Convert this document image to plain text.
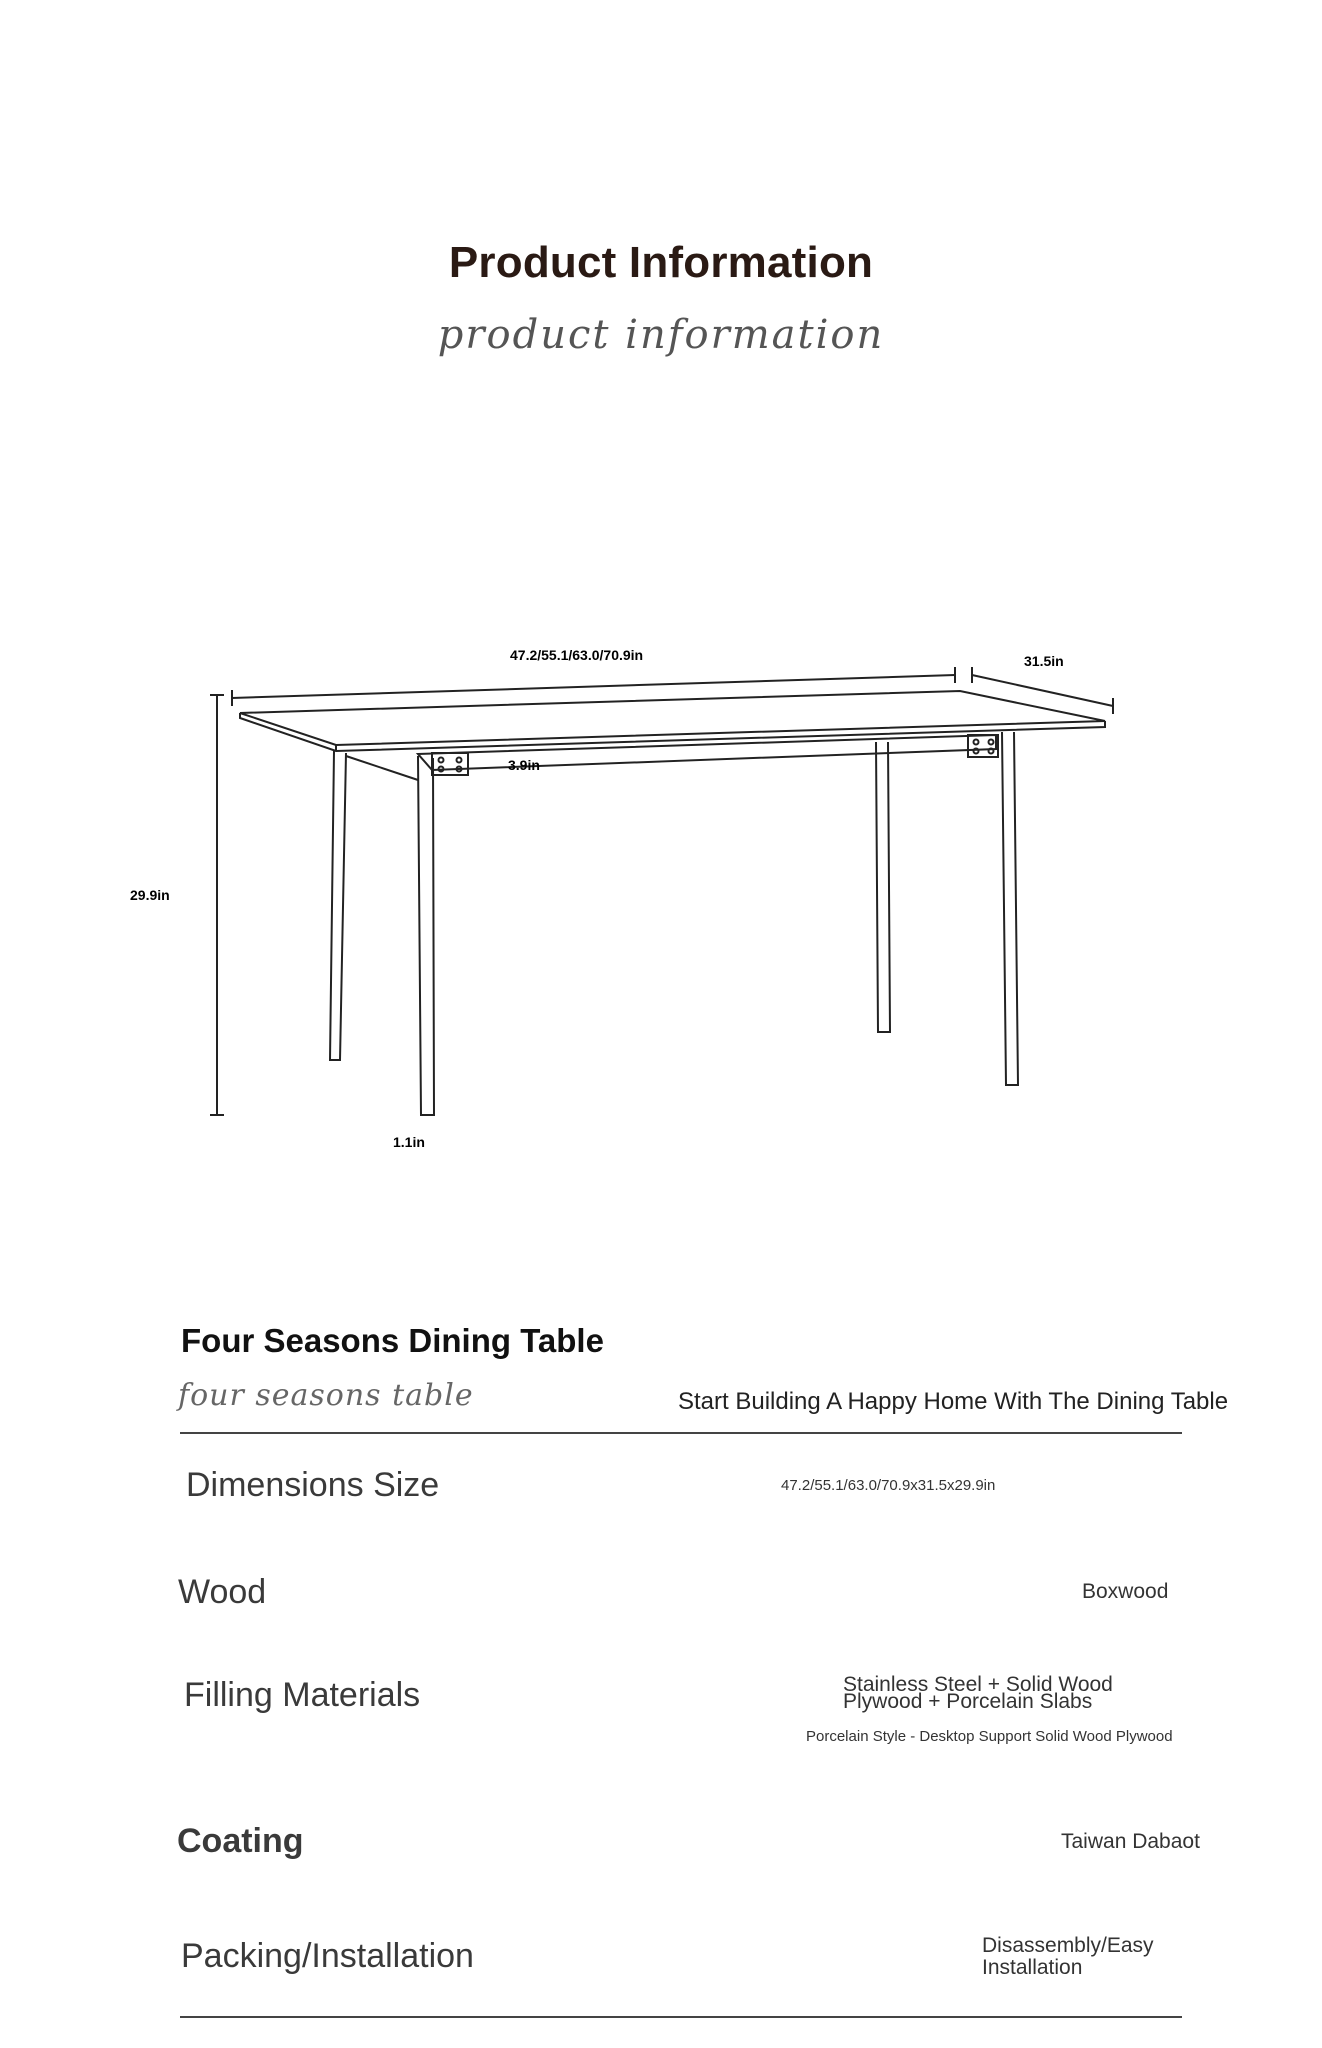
Product Information
product information
47.2/55.1/63.0/70.9in	31.5in
3.9in
29.9in
1.1in
Four Seasons Dining Table
four seasons table	Start Building A Happy Home With The Dining Table
Dimensions Size	47.2/55.1/63.0/70.9x31.5x29.9in
Wood	Boxwood
Filling Materials	Stainless Steel + Solid Wood
Plywood + Porcelain Slabs
Porcelain Style - Desktop Support Solid Wood Plywood
Coating	Taiwan Dabaot
Packing/Installation	Disassembly/Easy
Installation
